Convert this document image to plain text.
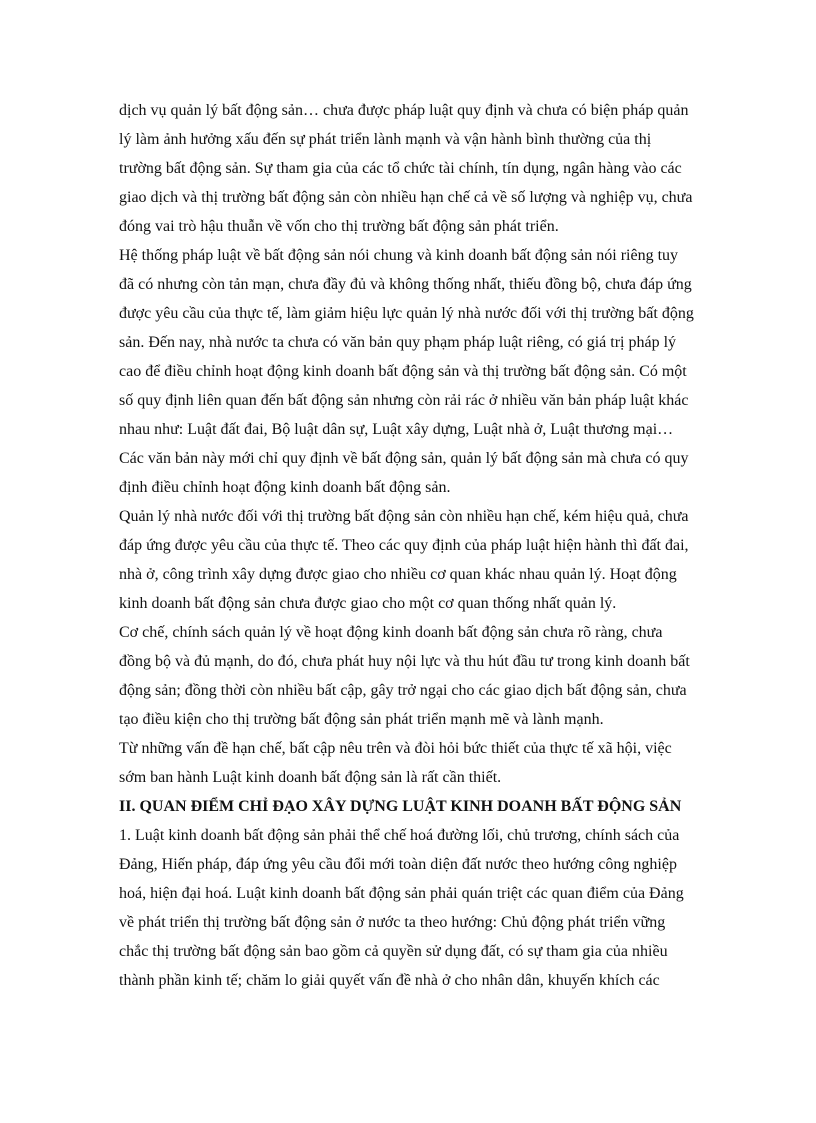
dịch vụ quản lý bất động sản… chưa được pháp luật quy định và chưa có biện pháp quản
lý làm ảnh hưởng xấu đến sự phát triển lành mạnh và vận hành bình thường của thị
trường bất động sản. Sự tham gia của các tổ chức tài chính, tín dụng, ngân hàng vào các
giao dịch và thị trường bất động sản còn nhiều hạn chế cả về số lượng và nghiệp vụ, chưa
đóng vai trò hậu thuẫn về vốn cho thị trường bất động sản phát triển.
Hệ thống pháp luật về bất động sản nói chung và kinh doanh bất động sản nói riêng tuy
đã có nhưng còn tản mạn, chưa đầy đủ và không thống nhất, thiếu đồng bộ, chưa đáp ứng
được yêu cầu của thực tế, làm giảm hiệu lực quản lý nhà nước đối với thị trường bất động
sản. Đến nay, nhà nước ta chưa có văn bản quy phạm pháp luật riêng, có giá trị pháp lý
cao để điều chỉnh hoạt động kinh doanh bất động sản và thị trường bất động sản. Có một
số quy định liên quan đến bất động sản nhưng còn rải rác ở nhiều văn bản pháp luật khác
nhau như: Luật đất đai, Bộ luật dân sự, Luật xây dựng, Luật nhà ở, Luật thương mại…
Các văn bản này mới chỉ quy định về bất động sản, quản lý bất động sản mà chưa có quy
định điều chỉnh hoạt động kinh doanh bất động sản.
Quản lý nhà nước đối với thị trường bất động sản còn nhiều hạn chế, kém hiệu quả, chưa
đáp ứng được yêu cầu của thực tế. Theo các quy định của pháp luật hiện hành thì đất đai,
nhà ở, công trình xây dựng được giao cho nhiều cơ quan khác nhau quản lý. Hoạt động
kinh doanh bất động sản chưa được giao cho một cơ quan thống nhất quản lý.
Cơ chế, chính sách quản lý về hoạt động kinh doanh bất động sản chưa rõ ràng, chưa
đồng bộ và đủ mạnh, do đó, chưa phát huy nội lực và thu hút đầu tư trong kinh doanh bất
động sản; đồng thời còn nhiều bất cập, gây trở ngại cho các giao dịch bất động sản, chưa
tạo điều kiện cho thị trường bất động sản phát triển mạnh mẽ và lành mạnh.
Từ những vấn đề hạn chế, bất cập nêu trên và đòi hỏi bức thiết của thực tế xã hội, việc
sớm ban hành Luật kinh doanh bất động sản là rất cần thiết.
II. QUAN ĐIỂM CHỈ ĐẠO XÂY DỰNG LUẬT KINH DOANH BẤT ĐỘNG SẢN
1. Luật kinh doanh bất động sản phải thể chế hoá đường lối, chủ trương, chính sách của
Đảng, Hiến pháp, đáp ứng yêu cầu đổi mới toàn diện đất nước theo hướng công nghiệp
hoá, hiện đại hoá. Luật kinh doanh bất động sản phải quán triệt các quan điểm của Đảng
về phát triển thị trường bất động sản ở nước ta theo hướng: Chủ động phát triển vững
chắc thị trường bất động sản bao gồm cả quyền sử dụng đất, có sự tham gia của nhiều
thành phần kinh tế; chăm lo giải quyết vấn đề nhà ở cho nhân dân, khuyến khích các
